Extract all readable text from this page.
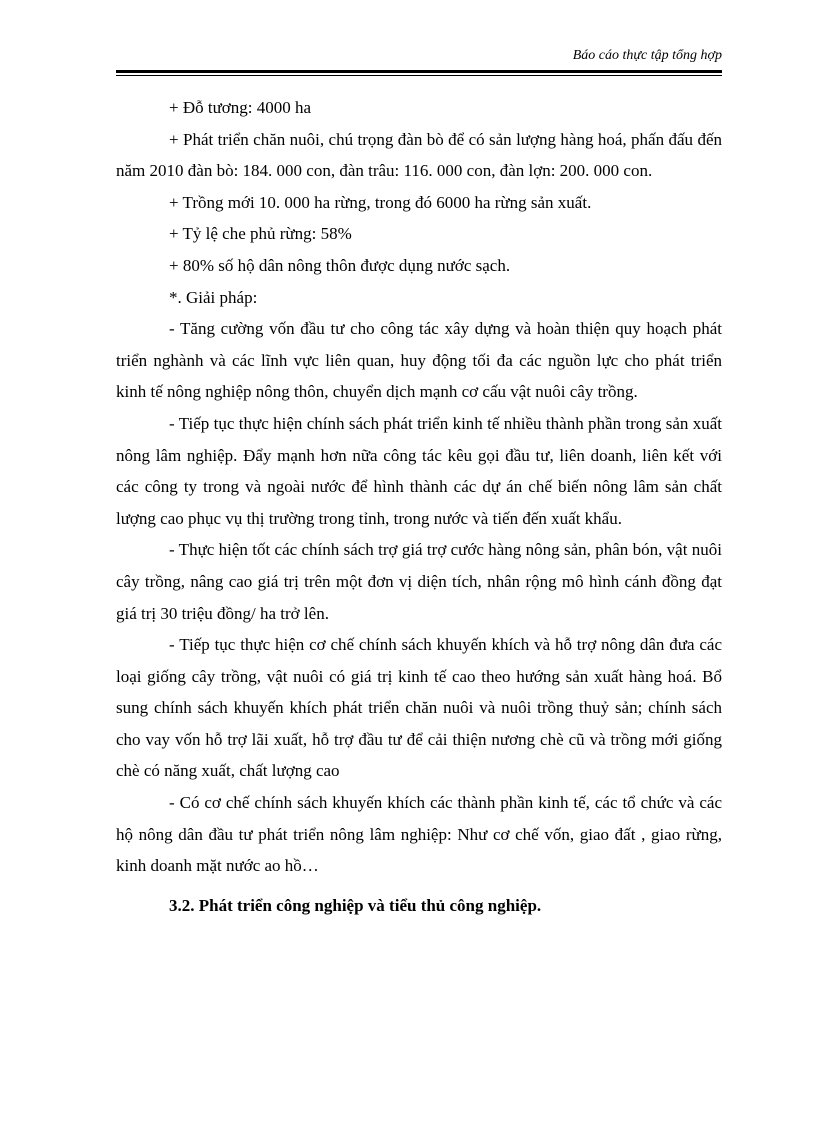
Báo cáo thực tập tổng hợp

+ Đỗ tương: 4000 ha

+ Phát triển chăn nuôi, chú trọng đàn bò để có sản lượng hàng hoá, phấn đấu đến năm 2010 đàn bò: 184. 000 con, đàn trâu: 116. 000 con, đàn lợn: 200. 000 con.

+ Trồng mới 10. 000 ha rừng, trong đó 6000 ha rừng sản xuất.

+ Tỷ lệ che phủ rừng: 58%

+ 80% số hộ dân nông thôn được dụng nước sạch.

*. Giải pháp:

- Tăng cường vốn đầu tư cho công tác xây dựng và hoàn thiện quy hoạch phát triển nghành và các lĩnh vực liên quan, huy động tối đa các nguồn lực cho phát triển kinh tế nông nghiệp nông thôn, chuyển dịch mạnh cơ cấu vật nuôi cây trồng.

- Tiếp tục thực hiện chính sách phát triển kinh tế nhiều thành phần trong sản xuất nông lâm nghiệp. Đẩy mạnh hơn nữa công tác kêu gọi đầu tư, liên doanh, liên kết với các công ty trong và ngoài nước để hình thành các dự án chế biến nông lâm sản chất lượng cao phục vụ thị trường trong tỉnh, trong nước và tiến đến xuất khẩu.

- Thực hiện tốt các chính sách trợ giá trợ cước hàng nông sản, phân bón, vật nuôi cây trồng, nâng cao giá trị trên một đơn vị diện tích, nhân rộng mô hình cánh đồng đạt giá trị 30 triệu đồng/ ha trở lên.

- Tiếp tục thực hiện cơ chế chính sách khuyến khích và hỗ trợ nông dân đưa các loại giống cây trồng, vật nuôi có giá trị kinh tế cao theo hướng sản xuất hàng hoá. Bổ sung chính sách khuyến khích phát triển chăn nuôi và nuôi trồng thuỷ sản; chính sách cho vay vốn hỗ trợ lãi xuất, hỗ trợ đầu tư để cải thiện nương chè cũ và trồng mới giống chè có năng xuất, chất lượng cao

- Có cơ chế chính sách khuyến khích các thành phần kinh tế, các tổ chức và các hộ nông dân đầu tư phát triển nông lâm nghiệp: Như cơ chế vốn, giao đất , giao rừng, kinh doanh mặt nước ao hồ…

3.2. Phát triển công nghiệp và tiểu thủ công nghiệp.
